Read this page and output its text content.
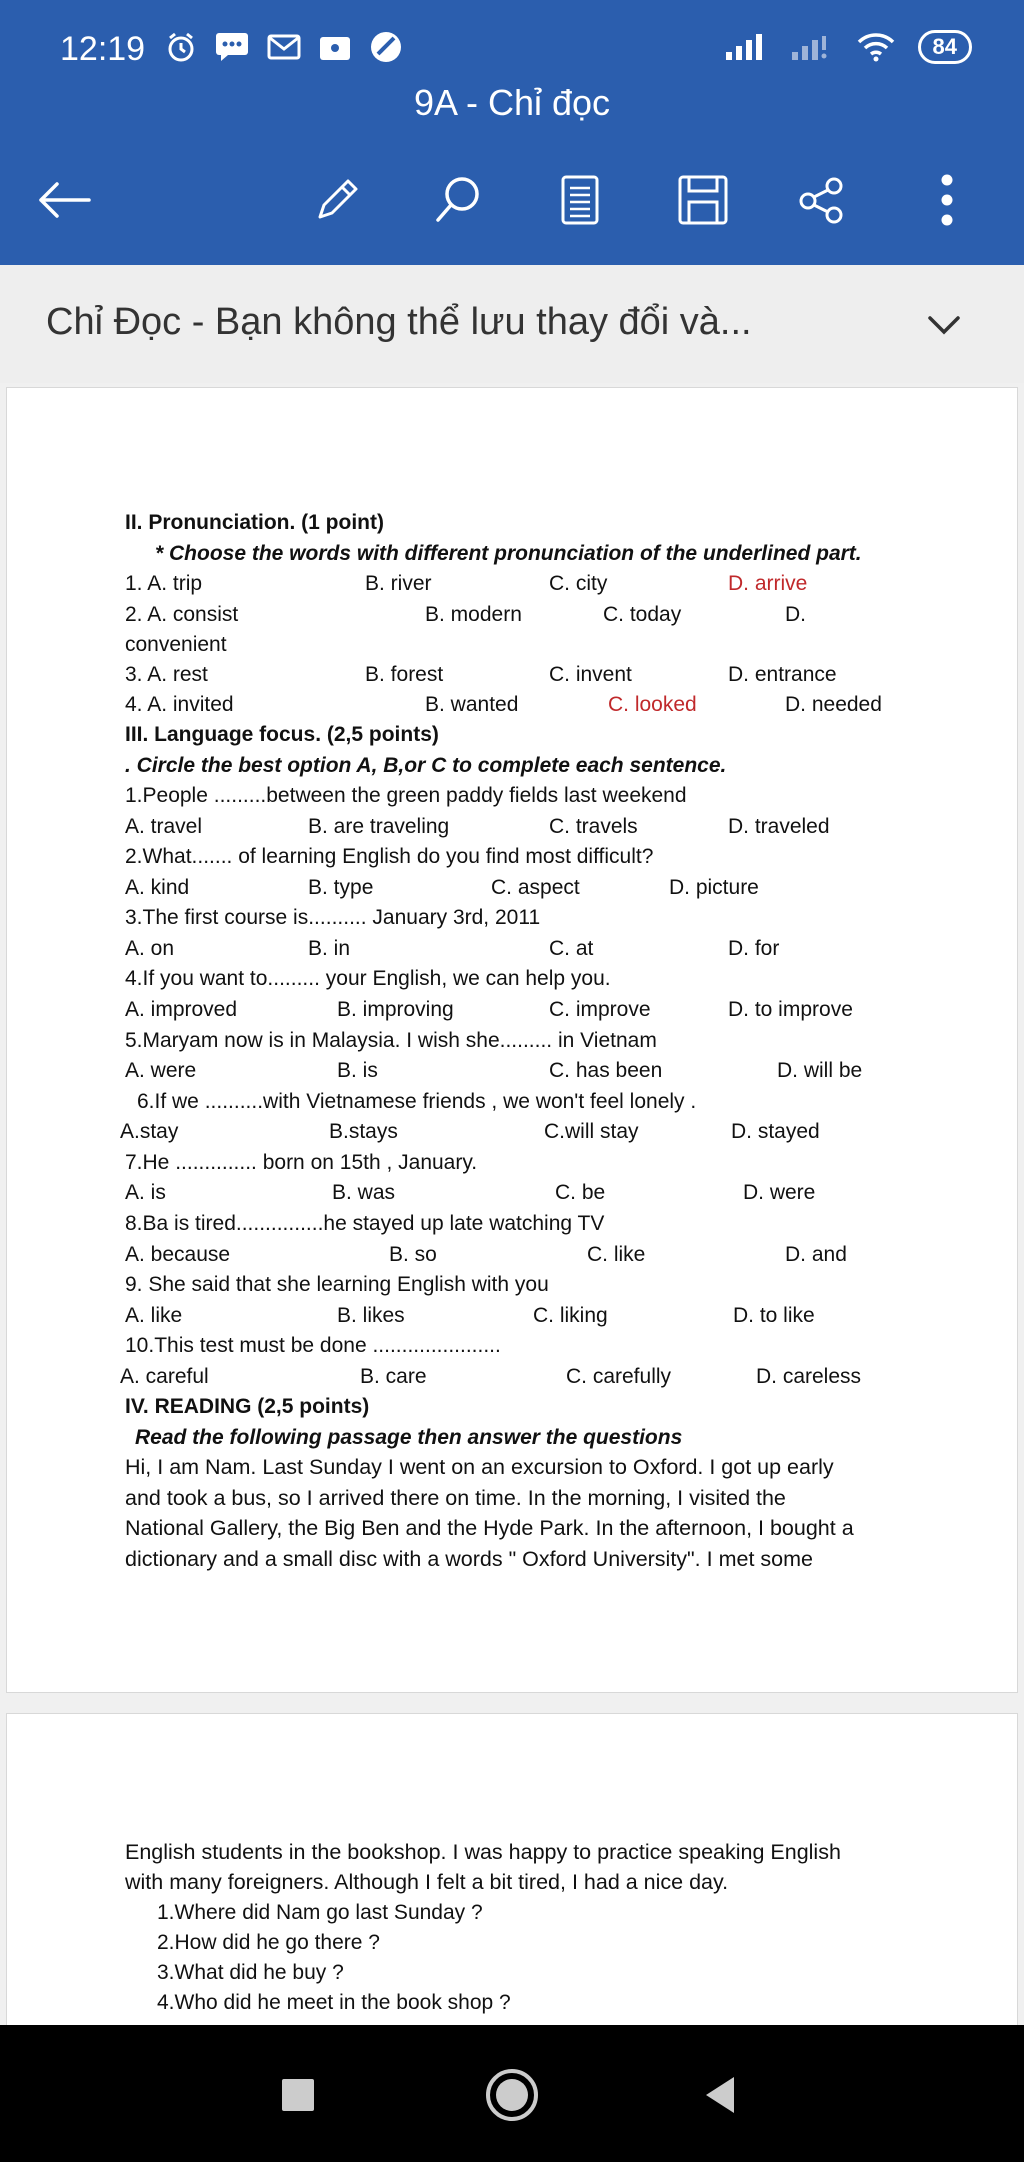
12:19	84
9A - Chỉ đọc
Chỉ Đọc - Bạn không thể lưu thay đổi và...
II. Pronunciation. (1 point)
* Choose the words with different pronunciation of the underlined part.
1. A. trip	B. river	C. city	D. arrive
2. A. consist	B. modern	C. today	D.
convenient
3. A. rest	B. forest	C. invent	D. entrance
4. A. invited	B. wanted	C. looked	D. needed
III. Language focus. (2,5 points)
. Circle the best option A, B,or C to complete each sentence.
1.People .........between the green paddy fields last weekend
A. travel	B. are traveling	C. travels	D. traveled
2.What....... of learning English do you find most difficult?
A. kind	B. type	C. aspect	D. picture
3.The first course is.......... January 3rd, 2011
A. on	B. in	C. at	D. for
4.If you want to......... your English, we can help you.
A. improved	B. improving	C. improve	D. to improve
5.Maryam now is in Malaysia. I wish she......... in Vietnam
A. were	B. is	C. has been	D. will be
6.If we ..........with Vietnamese friends , we won't feel lonely .
A.stay	B.stays	C.will stay	D. stayed
7.He .............. born on 15th , January.
A. is	B. was	C. be	D. were
8.Ba is tired...............he stayed up late watching TV
A. because	B. so	C. like	D. and
9. She said that she learning English with you
A. like	B. likes	C. liking	D. to like
10.This test must be done ......................
A. careful	B. care	C. carefully	D. careless
IV. READING (2,5 points)
Read the following passage then answer the questions
Hi, I am Nam. Last Sunday I went on an excursion to Oxford. I got up early
and took a bus, so I arrived there on time. In the morning, I visited the
National Gallery, the Big Ben and the Hyde Park. In the afternoon, I bought a
dictionary and a small disc with a words " Oxford University". I met some
English students in the bookshop. I was happy to practice speaking English
with many foreigners. Although I felt a bit tired, I had a nice day.
1.Where did Nam go last Sunday ?
2.How did he go there ?
3.What did he buy ?
4.Who did he meet in the book shop ?
